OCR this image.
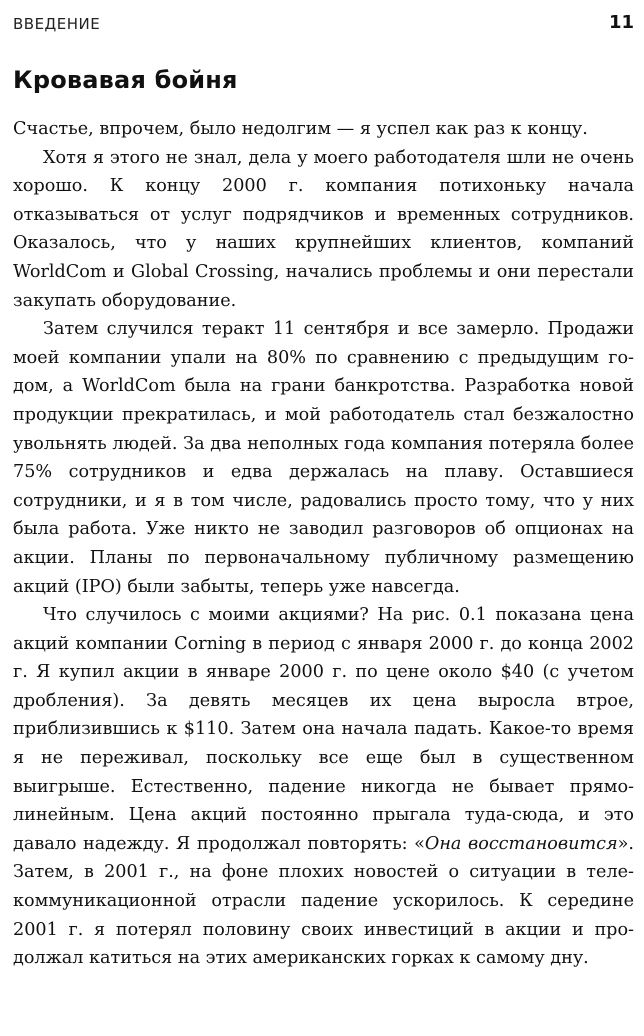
ВВЕДЕНИЕ	11
Кровавая бойня

Счастье, впрочем, было недолгим — я успел как раз к концу.

Хотя я этого не знал, дела у моего работодателя шли не очень хорошо. К концу 2000 г. компания потихоньку начала отказываться от услуг подрядчиков и временных сотрудников. Оказалось, что у наших крупнейших клиентов, компаний WorldCom и Global Crossing, начались проблемы и они перестали закупать оборудование.

Затем случился теракт 11 сентября и все замерло. Продажи моей компании упали на 80% по сравнению с предыдущим годом, а WorldCom была на грани банкротства. Разработка новой продукции прекратилась, и мой работодатель стал безжалостно увольнять людей. За два неполных года компания потеряла более 75% сотрудников и едва держалась на плаву. Оставшиеся сотрудники, и я в том числе, радовались просто тому, что у них была работа. Уже никто не заводил разговоров об опционах на акции. Планы по первоначальному публичному размещению акций (IPO) были забыты, теперь уже навсегда.

Что случилось с моими акциями? На рис. 0.1 показана цена акций компании Corning в период с января 2000 г. до конца 2002 г. Я купил акции в январе 2000 г. по цене около $40 (с учетом дробления). За девять месяцев их цена выросла втрое, приблизившись к $110. Затем она начала падать. Какое-то время я не переживал, поскольку все еще был в существенном выигрыше. Естественно, падение никогда не бывает прямолинейным. Цена акций постоянно прыгала туда-сюда, и это давало надежду. Я продолжал повторять: «Она восстановится». Затем, в 2001 г., на фоне плохих новостей о ситуации в телекоммуникационной отрасли падение ускорилось. К середине 2001 г. я потерял половину своих инвестиций в акции и продолжал катиться на этих американских горках к самому дну.
